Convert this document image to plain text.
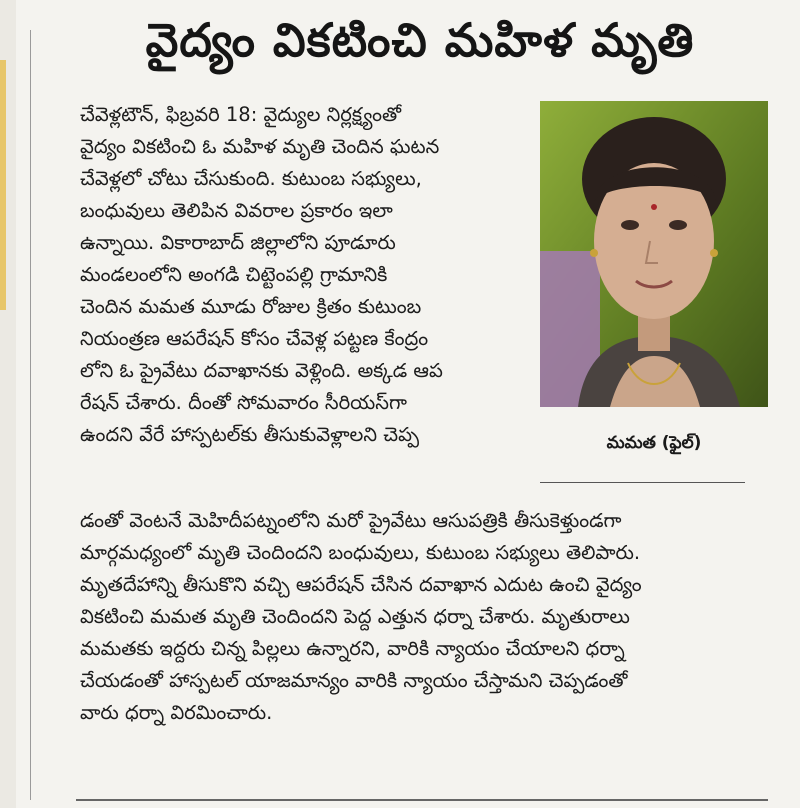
వైద్యం వికటించి మహిళ మృతి
చేవెళ్లటౌన్‌, ఫిబ్రవరి 18: వైద్యుల నిర్లక్ష్యంతో
వైద్యం వికటించి ఓ మహిళ మృతి చెందిన ఘటన
చేవెళ్లలో చోటు చేసుకుంది. కుటుంబ సభ్యులు,
బంధువులు తెలిపిన వివరాల ప్రకారం ఇలా
ఉన్నాయి. వికారాబాద్‌ జిల్లాలోని పూడూరు
మండలంలోని అంగడి చిట్టెంపల్లి గ్రామానికి
చెందిన మమత మూడు రోజుల క్రితం కుటుంబ
నియంత్రణ ఆపరేషన్‌ కోసం చేవెళ్ల పట్టణ కేంద్రం
లోని ఓ ప్రైవేటు దవాఖానకు వెళ్లింది. అక్కడ ఆప
రేషన్‌ చేశారు. దీంతో సోమవారం సీరియస్‌గా
ఉందని వేరే హాస్పటల్‌కు తీసుకువెళ్లాలని చెప్ప
డంతో వెంటనే మెహిదీపట్నంలోని మరో ప్రైవేటు ఆసుపత్రికి తీసుకెళ్తుండగా
మార్గమధ్యంలో మృతి చెందిందని బంధువులు, కుటుంబ సభ్యులు తెలిపారు.
మృతదేహాన్ని తీసుకొని వచ్చి ఆపరేషన్‌ చేసిన దవాఖాన ఎదుట ఉంచి వైద్యం
వికటించి మమత మృతి చెందిందని పెద్ద ఎత్తున ధర్నా చేశారు. మృతురాలు
మమతకు ఇద్దరు చిన్న పిల్లలు ఉన్నారని, వారికి న్యాయం చేయాలని ధర్నా
చేయడంతో హాస్పటల్‌ యాజమాన్యం వారికి న్యాయం చేస్తామని చెప్పడంతో
వారు ధర్నా విరమించారు.
మమత (ఫైల్‌)
